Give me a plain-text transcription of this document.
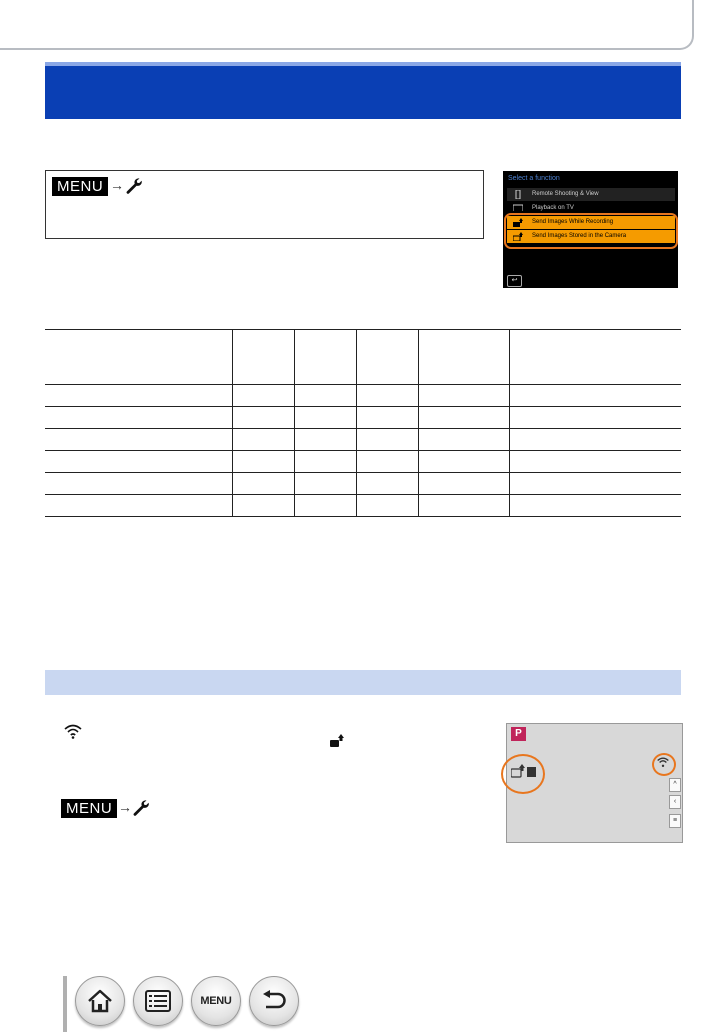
MENU →	Select a function
Remote Shooting & View
Playback on TV
Send Images While Recording
Send Images Stored in the Camera
↩

MENU →
P
^
‹
≡
MENU
